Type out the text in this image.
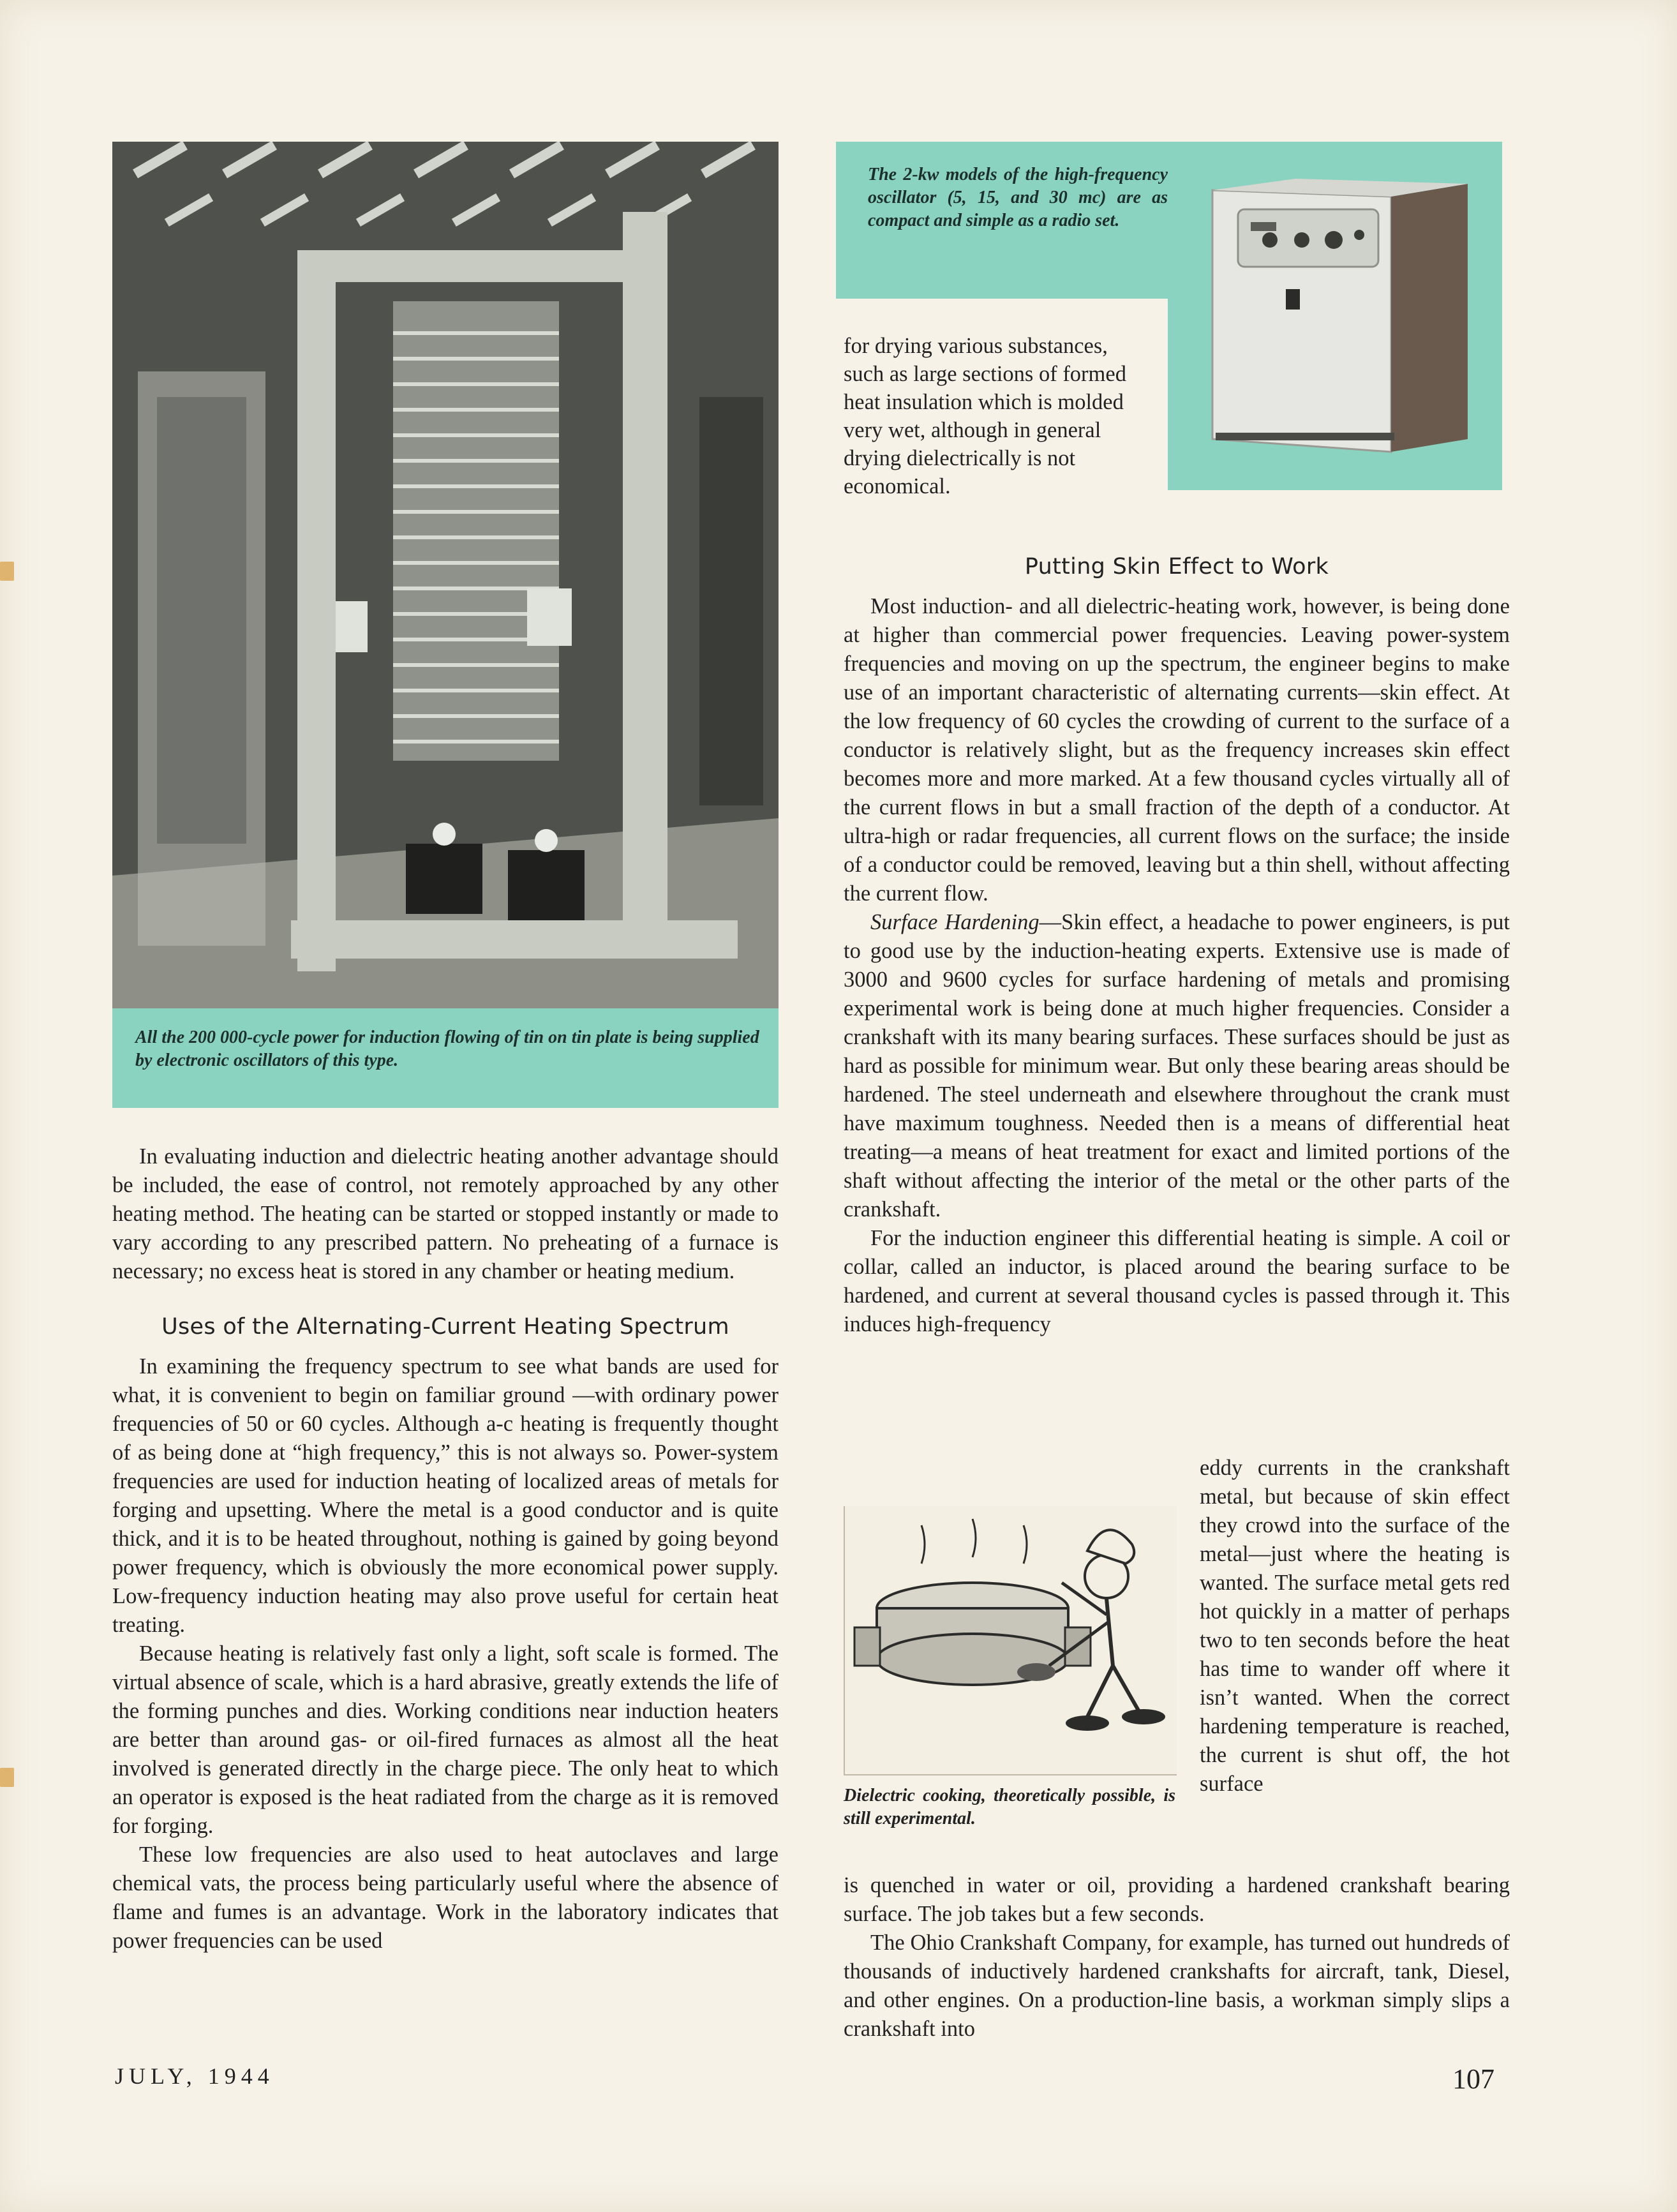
All the 200 000-cycle power for induction flowing of tin on tin plate is being supplied by electronic oscillators of this type.

In evaluating induction and dielectric heating another advantage should be included, the ease of control, not remotely approached by any other heating method. The heating can be started or stopped instantly or made to vary according to any prescribed pattern. No preheating of a furnace is necessary; no excess heat is stored in any chamber or heating medium.

Uses of the Alternating-Current Heating Spectrum

In examining the frequency spectrum to see what bands are used for what, it is convenient to begin on familiar ground —with ordinary power frequencies of 50 or 60 cycles. Although a-c heating is frequently thought of as being done at “high frequency,” this is not always so. Power-system frequencies are used for induction heating of localized areas of metals for forging and upsetting. Where the metal is a good conductor and is quite thick, and it is to be heated throughout, nothing is gained by going beyond power frequency, which is obviously the more economical power supply. Low-frequency induction heating may also prove useful for certain heat treating.

Because heating is relatively fast only a light, soft scale is formed. The virtual absence of scale, which is a hard abrasive, greatly extends the life of the forming punches and dies. Working conditions near induction heaters are better than around gas- or oil-fired furnaces as almost all the heat involved is generated directly in the charge piece. The only heat to which an operator is exposed is the heat radiated from the charge as it is removed for forging.

These low frequencies are also used to heat autoclaves and large chemical vats, the process being particularly useful where the absence of flame and fumes is an advantage. Work in the laboratory indicates that power frequencies can be used

The 2-kw models of the high-frequency oscillator (5, 15, and 30 mc) are as compact and simple as a radio set.

for drying various substances, such as large sections of formed heat insulation which is molded very wet, although in general drying dielectrically is not economical.

Putting Skin Effect to Work

Most induction- and all dielectric-heating work, however, is being done at higher than commercial power frequencies. Leaving power-system frequencies and moving on up the spectrum, the engineer begins to make use of an important characteristic of alternating currents—skin effect. At the low frequency of 60 cycles the crowding of current to the surface of a conductor is relatively slight, but as the frequency increases skin effect becomes more and more marked. At a few thousand cycles virtually all of the current flows in but a small fraction of the depth of a conductor. At ultra-high or radar frequencies, all current flows on the surface; the inside of a conductor could be removed, leaving but a thin shell, without affecting the current flow.

Surface Hardening—Skin effect, a headache to power engineers, is put to good use by the induction-heating experts. Extensive use is made of 3000 and 9600 cycles for surface hardening of metals and promising experimental work is being done at much higher frequencies. Consider a crankshaft with its many bearing surfaces. These surfaces should be just as hard as possible for minimum wear. But only these bearing areas should be hardened. The steel underneath and elsewhere throughout the crank must have maximum toughness. Needed then is a means of differential heat treating—a means of heat treatment for exact and limited portions of the shaft without affecting the interior of the metal or the other parts of the crankshaft.

For the induction engineer this differential heating is simple. A coil or collar, called an inductor, is placed around the bearing surface to be hardened, and current at several thousand cycles is passed through it. This induces high-frequency

Dielectric cooking, theoretically possible, is still experimental.

eddy currents in the crankshaft metal, but because of skin effect they crowd into the surface of the metal—just where the heating is wanted. The surface metal gets red hot quickly in a matter of perhaps two to ten seconds before the heat has time to wander off where it isn’t wanted. When the correct hardening temperature is reached, the current is shut off, the hot surface

is quenched in water or oil, providing a hardened crankshaft bearing surface. The job takes but a few seconds.

The Ohio Crankshaft Company, for example, has turned out hundreds of thousands of inductively hardened crankshafts for aircraft, tank, Diesel, and other engines. On a production-line basis, a workman simply slips a crankshaft into

JULY, 1944	107
